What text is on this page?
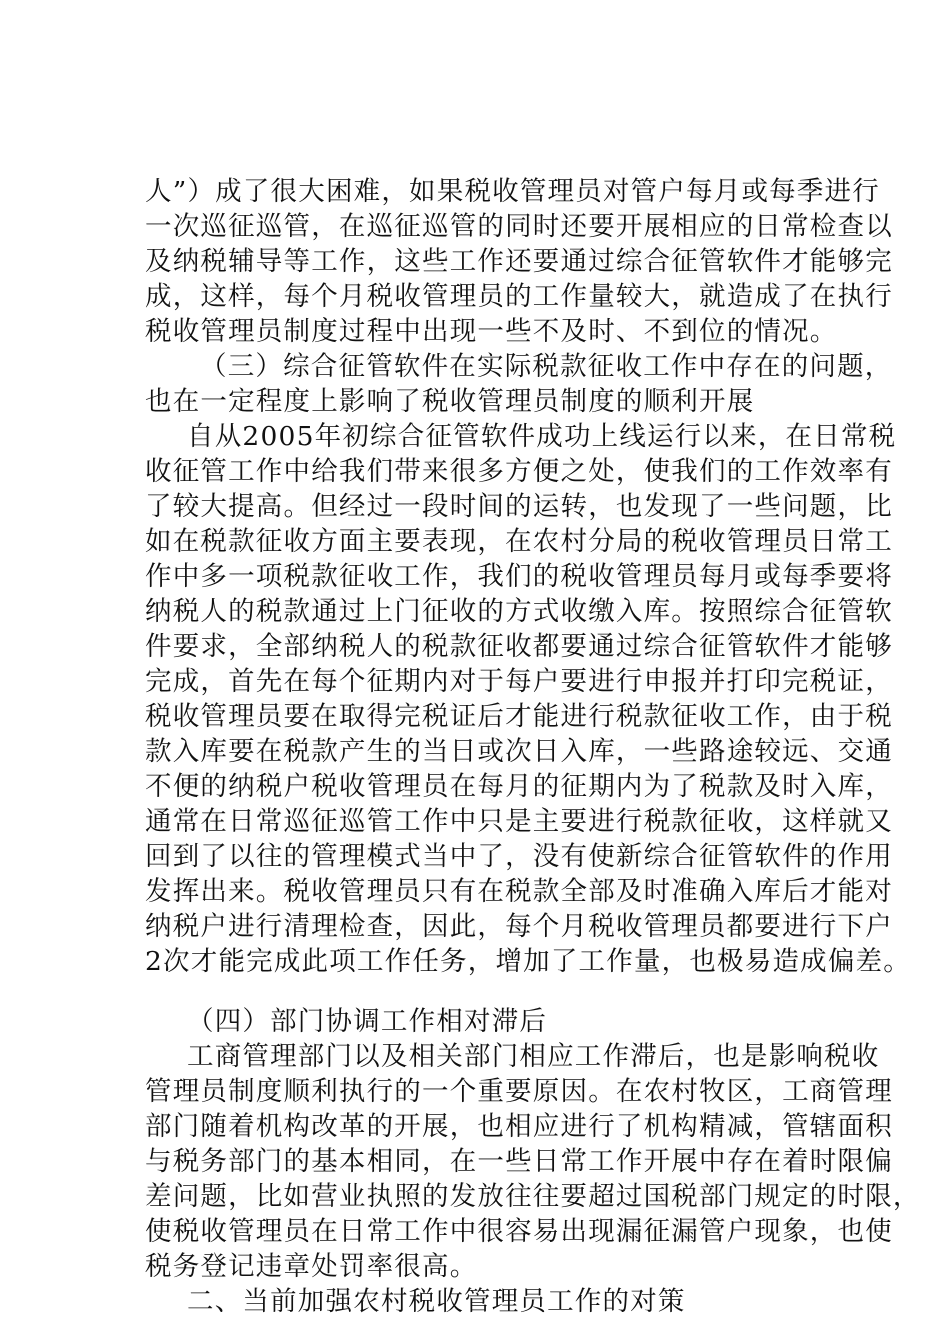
人”）成了很大困难，如果税收管理员对管户每月或每季进行
一次巡征巡管，在巡征巡管的同时还要开展相应的日常检查以
及纳税辅导等工作，这些工作还要通过综合征管软件才能够完
成，这样，每个月税收管理员的工作量较大，就造成了在执行
税收管理员制度过程中出现一些不及时、不到位的情况。
（三）综合征管软件在实际税款征收工作中存在的问题，
也在一定程度上影响了税收管理员制度的顺利开展
自从2005年初综合征管软件成功上线运行以来，在日常税
收征管工作中给我们带来很多方便之处，使我们的工作效率有
了较大提高。但经过一段时间的运转，也发现了一些问题，比
如在税款征收方面主要表现，在农村分局的税收管理员日常工
作中多一项税款征收工作，我们的税收管理员每月或每季要将
纳税人的税款通过上门征收的方式收缴入库。按照综合征管软
件要求，全部纳税人的税款征收都要通过综合征管软件才能够
完成，首先在每个征期内对于每户要进行申报并打印完税证，
税收管理员要在取得完税证后才能进行税款征收工作，由于税
款入库要在税款产生的当日或次日入库，一些路途较远、交通
不便的纳税户税收管理员在每月的征期内为了税款及时入库，
通常在日常巡征巡管工作中只是主要进行税款征收，这样就又
回到了以往的管理模式当中了，没有使新综合征管软件的作用
发挥出来。税收管理员只有在税款全部及时准确入库后才能对
纳税户进行清理检查，因此，每个月税收管理员都要进行下户
2次才能完成此项工作任务，增加了工作量，也极易造成偏差。
（四）部门协调工作相对滞后
工商管理部门以及相关部门相应工作滞后，也是影响税收
管理员制度顺利执行的一个重要原因。在农村牧区，工商管理
部门随着机构改革的开展，也相应进行了机构精减，管辖面积
与税务部门的基本相同，在一些日常工作开展中存在着时限偏
差问题，比如营业执照的发放往往要超过国税部门规定的时限，
使税收管理员在日常工作中很容易出现漏征漏管户现象，也使
税务登记违章处罚率很高。
二、当前加强农村税收管理员工作的对策
